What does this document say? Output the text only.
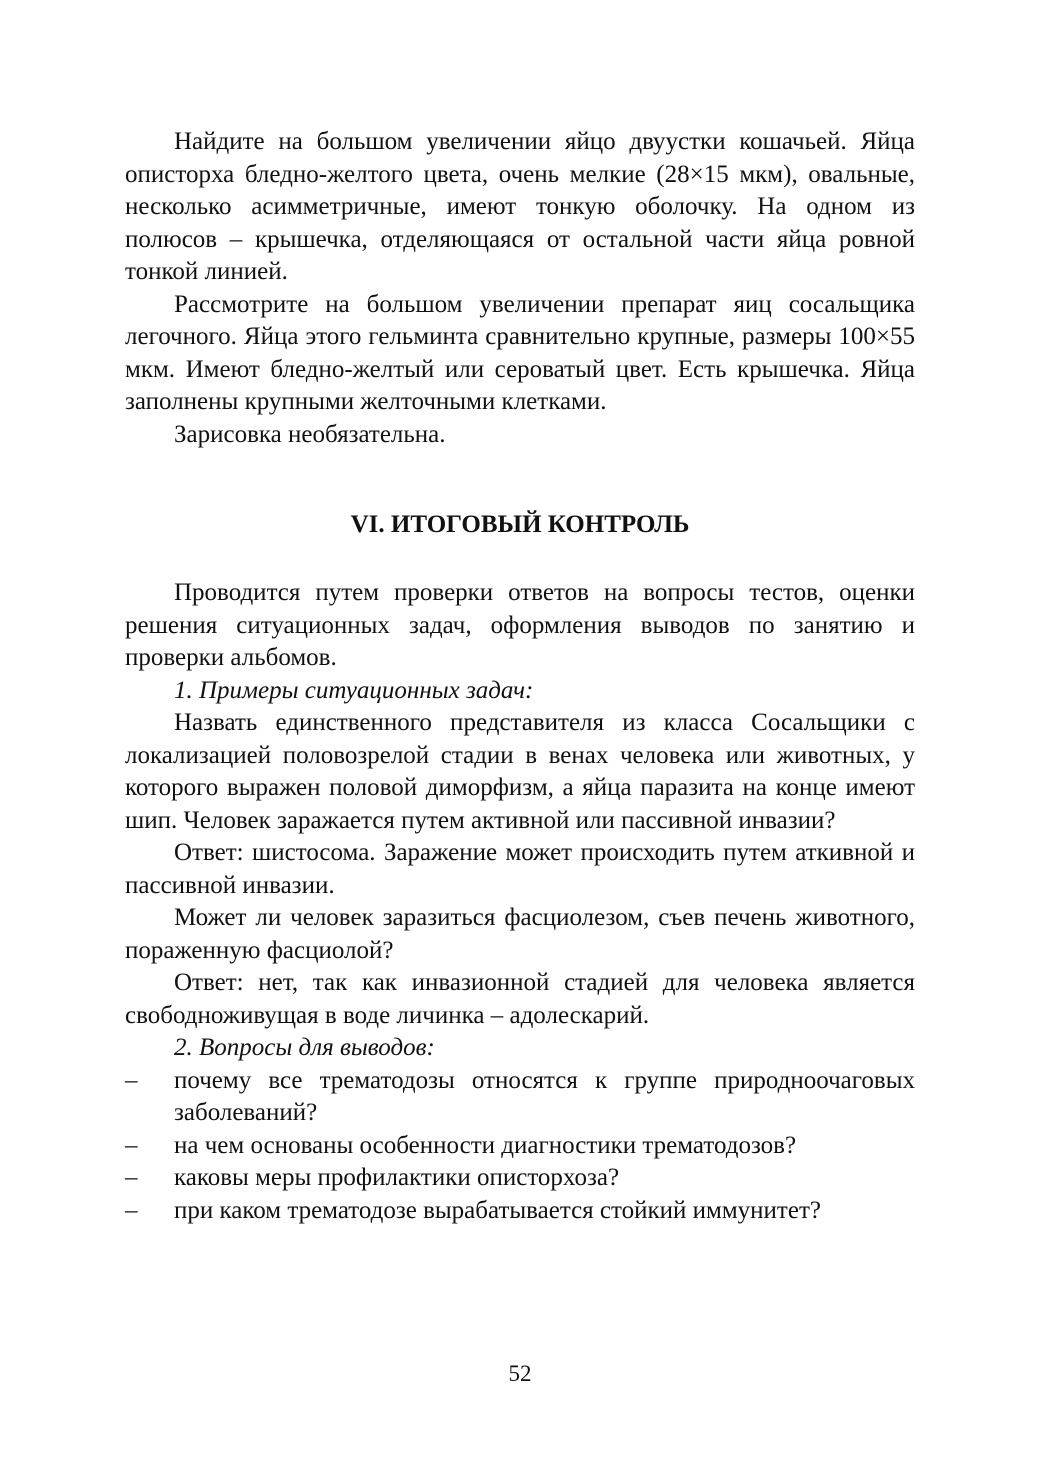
Найдите на большом увеличении яйцо двуустки кошачьей. Яйца описторха бледно-желтого цвета, очень мелкие (28×15 мкм), овальные, несколько асимметричные, имеют тонкую оболочку. На одном из полюсов – крышечка, отделяющаяся от остальной части яйца ровной тонкой линией.

Рассмотрите на большом увеличении препарат яиц сосальщика легочного. Яйца этого гельминта сравнительно крупные, размеры 100×55 мкм. Имеют бледно-желтый или сероватый цвет. Есть крышечка. Яйца заполнены крупными желточными клетками.

Зарисовка необязательна.

VI. ИТОГОВЫЙ КОНТРОЛЬ

Проводится путем проверки ответов на вопросы тестов, оценки решения ситуационных задач, оформления выводов по занятию и проверки альбомов.

1. Примеры ситуационных задач:

Назвать единственного представителя из класса Сосальщики с локализацией половозрелой стадии в венах человека или животных, у которого выражен половой диморфизм, а яйца паразита на конце имеют шип. Человек заражается путем активной или пассивной инвазии?

Ответ: шистосома. Заражение может происходить путем аткивной и пассивной инвазии.

Может ли человек заразиться фасциолезом, съев печень животного, пораженную фасциолой?

Ответ: нет, так как инвазионной стадией для человека является свободноживущая в воде личинка – адолескарий.

2. Вопросы для выводов:

–	почему все трематодозы относятся к группе природноочаговых заболеваний?
–	на чем основаны особенности диагностики трематодозов?
–	каковы меры профилактики описторхоза?
–	при каком трематодозе вырабатывается стойкий иммунитет?

52
